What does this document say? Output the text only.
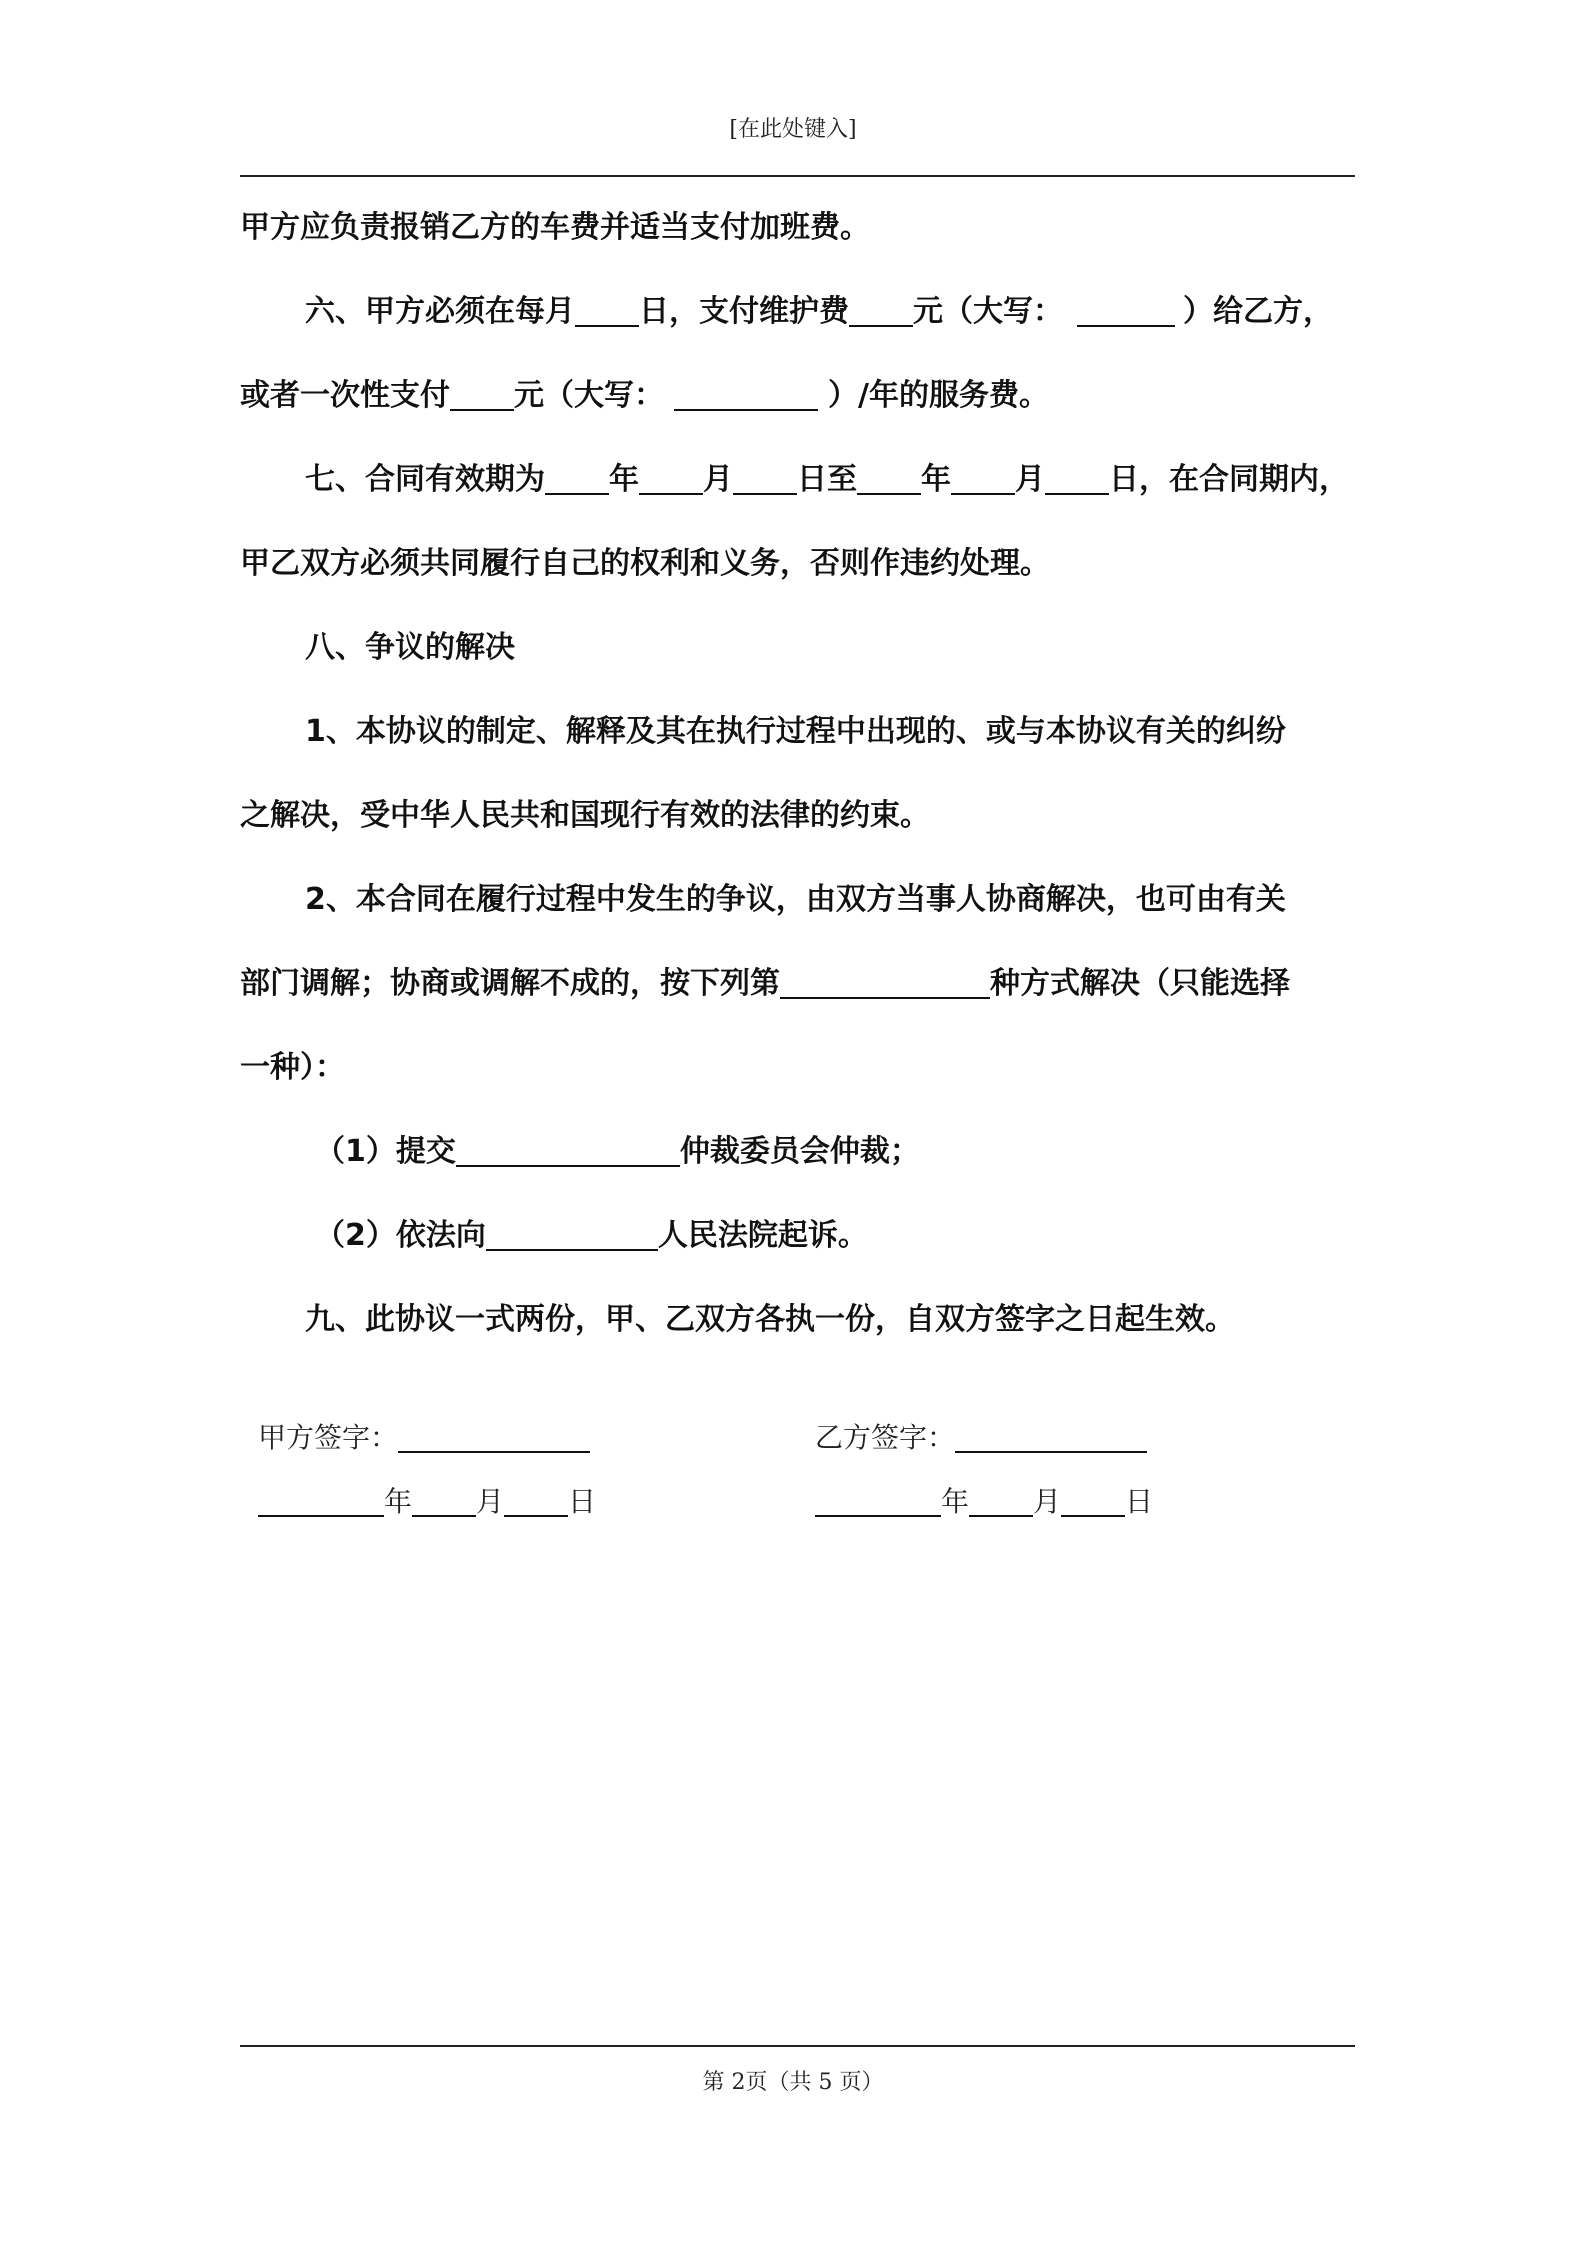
[在此处键入]
甲方应负责报销乙方的车费并适当支付加班费。
六、甲方必须在每月 日，支付维护费 元（大写：	）给乙方，
或者一次性支付 元（大写：	）/年的服务费。
七、合同有效期为 年 月 日至 年 月 日，在合同期内，
甲乙双方必须共同履行自己的权利和义务，否则作违约处理。
八、争议的解决
1、本协议的制定、解释及其在执行过程中出现的、或与本协议有关的纠纷
之解决，受中华人民共和国现行有效的法律的约束。
2、本合同在履行过程中发生的争议，由双方当事人协商解决，也可由有关
部门调解；协商或调解不成的，按下列第	种方式解决（只能选择
一种）：
（1）提交	仲裁委员会仲裁；
（2）依法向	人民法院起诉。
九、此协议一式两份，甲、乙双方各执一份，自双方签字之日起生效。
甲方签字：
年 月 日
乙方签字：
年 月 日
第 2页（共 5 页）
